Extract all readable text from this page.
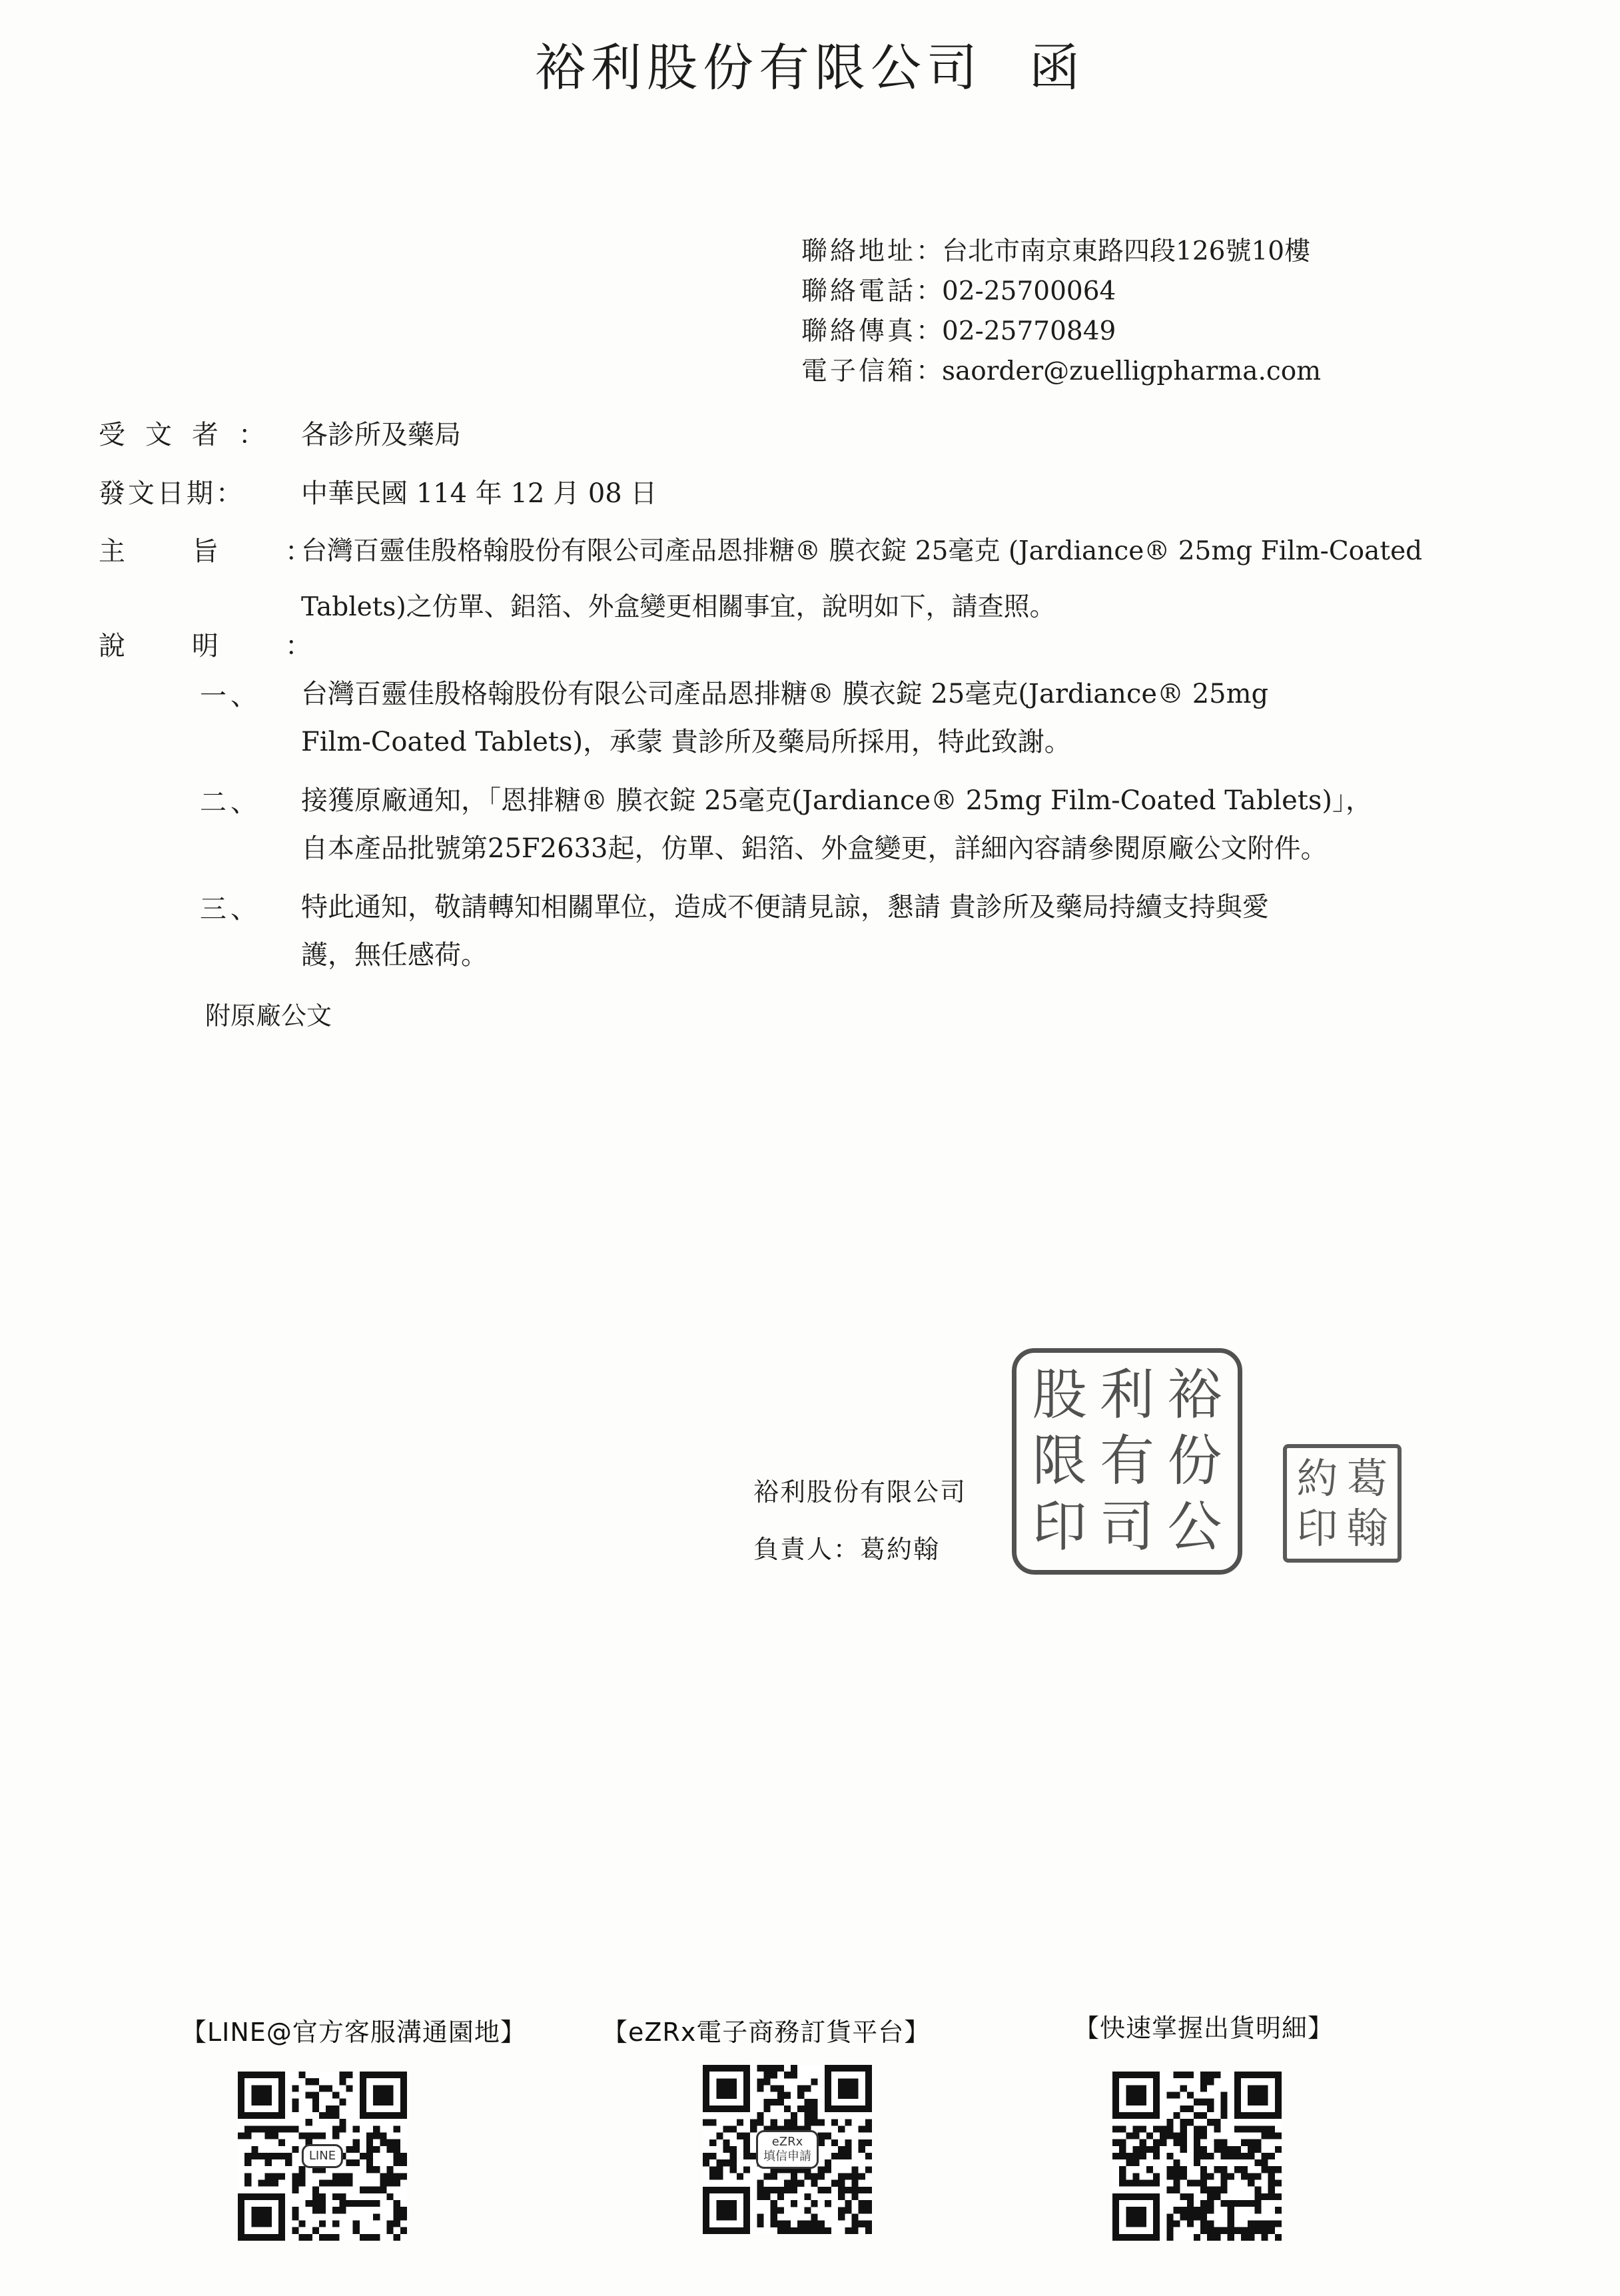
裕利股份有限公司 函
聯絡地址：台北市南京東路四段126號10樓
聯絡電話：02-25700064
聯絡傳真：02-25770849
電子信箱：saorder@zuelligpharma.com
受文者： 各診所及藥局
發文日期： 中華民國 114 年 12 月 08 日
主旨：
台灣百靈佳殷格翰股份有限公司產品恩排糖® 膜衣錠 25毫克 (Jardiance® 25mg Film-Coated
Tablets)之仿單、鋁箔、外盒變更相關事宜，說明如下，請查照。
說明：
一、 台灣百靈佳殷格翰股份有限公司產品恩排糖® 膜衣錠 25毫克(Jardiance® 25mg
Film-Coated Tablets)，承蒙 貴診所及藥局所採用，特此致謝。
二、 接獲原廠通知，「恩排糖® 膜衣錠 25毫克(Jardiance® 25mg Film-Coated Tablets)」，
自本產品批號第25F2633起，仿單、鋁箔、外盒變更，詳細內容請參閱原廠公文附件。
三、 特此通知，敬請轉知相關單位，造成不便請見諒，懇請 貴診所及藥局持續支持與愛
護，無任感荷。
附原廠公文
裕利股份有限公司
負責人：葛約翰
裕
利
股
份
有
限
公
司
印
葛
約
翰
印
【LINE@官方客服溝通園地】	【eZRx電子商務訂貨平台】	【快速掌握出貨明細】
LINE
eZRx
填信申請
